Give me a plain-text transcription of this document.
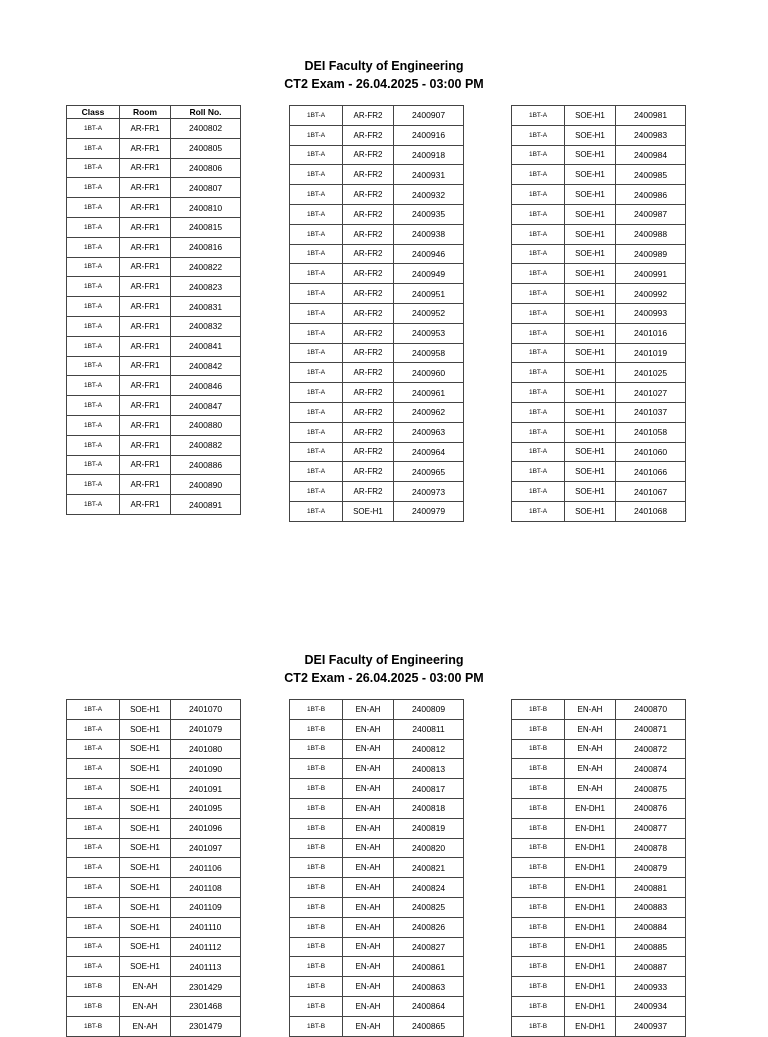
DEI Faculty of Engineering
CT2 Exam - 26.04.2025 - 03:00 PM
Class	Room	Roll No.
1BT-A	AR-FR1	2400802
1BT-A	AR-FR1	2400805
1BT-A	AR-FR1	2400806
1BT-A	AR-FR1	2400807
1BT-A	AR-FR1	2400810
1BT-A	AR-FR1	2400815
1BT-A	AR-FR1	2400816
1BT-A	AR-FR1	2400822
1BT-A	AR-FR1	2400823
1BT-A	AR-FR1	2400831
1BT-A	AR-FR1	2400832
1BT-A	AR-FR1	2400841
1BT-A	AR-FR1	2400842
1BT-A	AR-FR1	2400846
1BT-A	AR-FR1	2400847
1BT-A	AR-FR1	2400880
1BT-A	AR-FR1	2400882
1BT-A	AR-FR1	2400886
1BT-A	AR-FR1	2400890
1BT-A	AR-FR1	2400891
1BT-A	AR-FR2	2400907
1BT-A	AR-FR2	2400916
1BT-A	AR-FR2	2400918
1BT-A	AR-FR2	2400931
1BT-A	AR-FR2	2400932
1BT-A	AR-FR2	2400935
1BT-A	AR-FR2	2400938
1BT-A	AR-FR2	2400946
1BT-A	AR-FR2	2400949
1BT-A	AR-FR2	2400951
1BT-A	AR-FR2	2400952
1BT-A	AR-FR2	2400953
1BT-A	AR-FR2	2400958
1BT-A	AR-FR2	2400960
1BT-A	AR-FR2	2400961
1BT-A	AR-FR2	2400962
1BT-A	AR-FR2	2400963
1BT-A	AR-FR2	2400964
1BT-A	AR-FR2	2400965
1BT-A	AR-FR2	2400973
1BT-A	SOE-H1	2400979
1BT-A	SOE-H1	2400981
1BT-A	SOE-H1	2400983
1BT-A	SOE-H1	2400984
1BT-A	SOE-H1	2400985
1BT-A	SOE-H1	2400986
1BT-A	SOE-H1	2400987
1BT-A	SOE-H1	2400988
1BT-A	SOE-H1	2400989
1BT-A	SOE-H1	2400991
1BT-A	SOE-H1	2400992
1BT-A	SOE-H1	2400993
1BT-A	SOE-H1	2401016
1BT-A	SOE-H1	2401019
1BT-A	SOE-H1	2401025
1BT-A	SOE-H1	2401027
1BT-A	SOE-H1	2401037
1BT-A	SOE-H1	2401058
1BT-A	SOE-H1	2401060
1BT-A	SOE-H1	2401066
1BT-A	SOE-H1	2401067
1BT-A	SOE-H1	2401068
DEI Faculty of Engineering
CT2 Exam - 26.04.2025 - 03:00 PM
1BT-A	SOE-H1	2401070
1BT-A	SOE-H1	2401079
1BT-A	SOE-H1	2401080
1BT-A	SOE-H1	2401090
1BT-A	SOE-H1	2401091
1BT-A	SOE-H1	2401095
1BT-A	SOE-H1	2401096
1BT-A	SOE-H1	2401097
1BT-A	SOE-H1	2401106
1BT-A	SOE-H1	2401108
1BT-A	SOE-H1	2401109
1BT-A	SOE-H1	2401110
1BT-A	SOE-H1	2401112
1BT-A	SOE-H1	2401113
1BT-B	EN-AH	2301429
1BT-B	EN-AH	2301468
1BT-B	EN-AH	2301479
1BT-B	EN-AH	2400809
1BT-B	EN-AH	2400811
1BT-B	EN-AH	2400812
1BT-B	EN-AH	2400813
1BT-B	EN-AH	2400817
1BT-B	EN-AH	2400818
1BT-B	EN-AH	2400819
1BT-B	EN-AH	2400820
1BT-B	EN-AH	2400821
1BT-B	EN-AH	2400824
1BT-B	EN-AH	2400825
1BT-B	EN-AH	2400826
1BT-B	EN-AH	2400827
1BT-B	EN-AH	2400861
1BT-B	EN-AH	2400863
1BT-B	EN-AH	2400864
1BT-B	EN-AH	2400865
1BT-B	EN-AH	2400870
1BT-B	EN-AH	2400871
1BT-B	EN-AH	2400872
1BT-B	EN-AH	2400874
1BT-B	EN-AH	2400875
1BT-B	EN-DH1	2400876
1BT-B	EN-DH1	2400877
1BT-B	EN-DH1	2400878
1BT-B	EN-DH1	2400879
1BT-B	EN-DH1	2400881
1BT-B	EN-DH1	2400883
1BT-B	EN-DH1	2400884
1BT-B	EN-DH1	2400885
1BT-B	EN-DH1	2400887
1BT-B	EN-DH1	2400933
1BT-B	EN-DH1	2400934
1BT-B	EN-DH1	2400937
